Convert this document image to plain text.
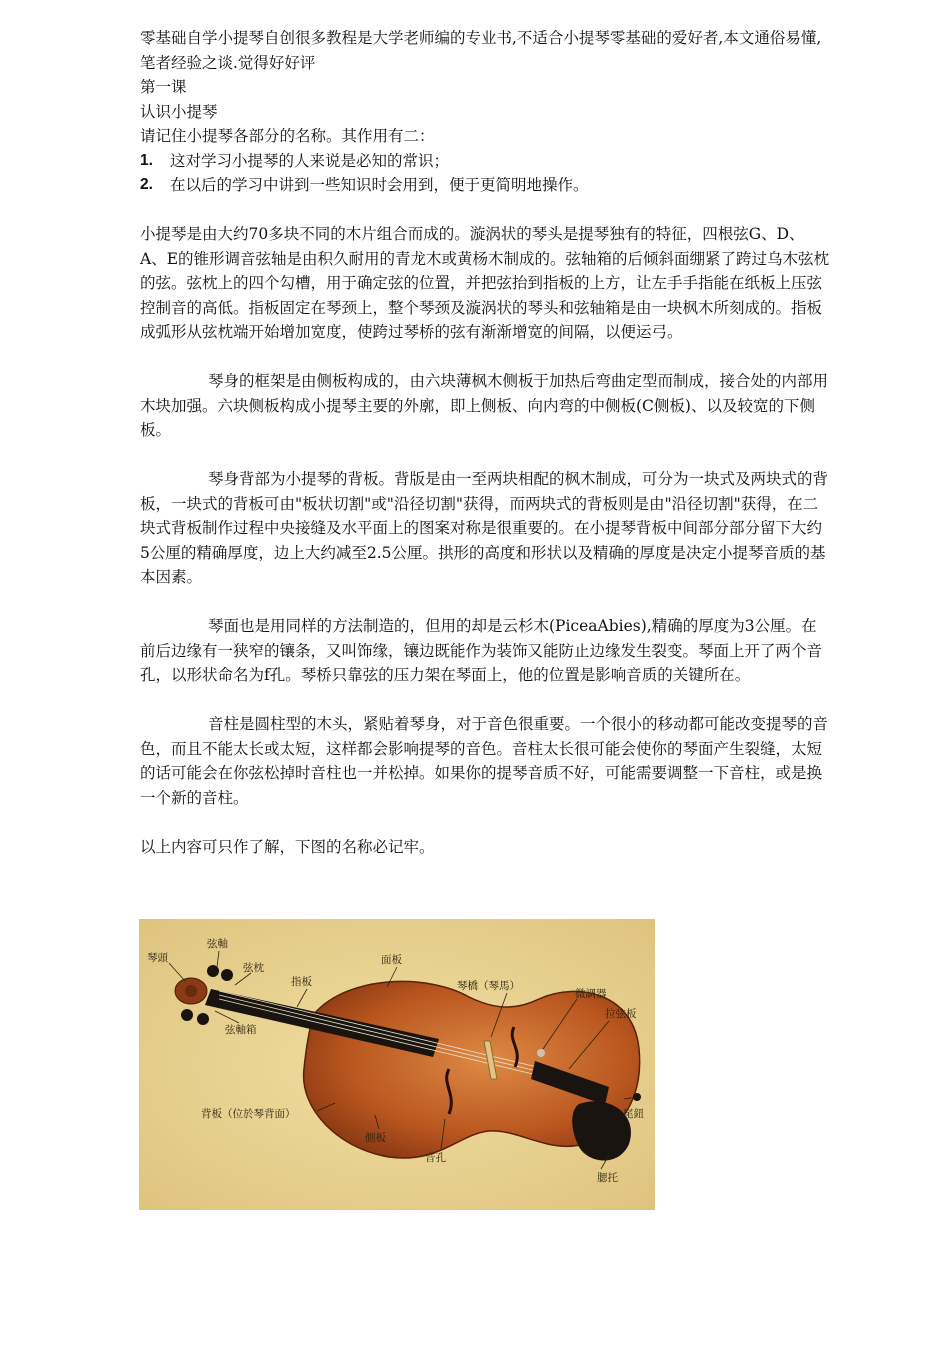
零基础自学小提琴自创很多教程是大学老师编的专业书,不适合小提琴零基础的爱好者,本文通俗易懂,笔者经验之谈.觉得好好评
第一课
认识小提琴
请记住小提琴各部分的名称。其作用有二：
1.	这对学习小提琴的人来说是必知的常识；
2.	在以后的学习中讲到一些知识时会用到，便于更简明地操作。
小提琴是由大约70多块不同的木片组合而成的。漩涡状的琴头是提琴独有的特征，四根弦G、D、A、E的锥形调音弦轴是由积久耐用的青龙木或黄杨木制成的。弦轴箱的后倾斜面绷紧了跨过乌木弦枕的弦。弦枕上的四个勾槽，用于确定弦的位置，并把弦抬到指板的上方，让左手手指能在纸板上压弦控制音的高低。指板固定在琴颈上，整个琴颈及漩涡状的琴头和弦轴箱是由一块枫木所刻成的。指板成弧形从弦枕端开始增加宽度，使跨过琴桥的弦有渐渐增宽的间隔，以便运弓。
琴身的框架是由侧板构成的，由六块薄枫木侧板于加热后弯曲定型而制成，接合处的内部用木块加强。六块侧板构成小提琴主要的外廓，即上侧板、向内弯的中侧板(C侧板)、以及较宽的下侧板。
琴身背部为小提琴的背板。背版是由一至两块相配的枫木制成，可分为一块式及两块式的背板，一块式的背板可由"板状切割"或"沿径切割"获得，而两块式的背板则是由"沿径切割"获得，在二块式背板制作过程中央接缝及水平面上的图案对称是很重要的。在小提琴背板中间部分部分留下大约5公厘的精确厚度，边上大约减至2.5公厘。拱形的高度和形状以及精确的厚度是决定小提琴音质的基本因素。
琴面也是用同样的方法制造的，但用的却是云杉木(PiceaAbies),精确的厚度为3公厘。在前后边缘有一狭窄的镶条，又叫饰缘，镶边既能作为装饰又能防止边缘发生裂变。琴面上开了两个音孔，以形状命名为f孔。琴桥只靠弦的压力架在琴面上，他的位置是影响音质的关键所在。
音柱是圆柱型的木头，紧贴着琴身，对于音色很重要。一个很小的移动都可能改变提琴的音色，而且不能太长或太短，这样都会影响提琴的音色。音柱太长很可能会使你的琴面产生裂缝，太短的话可能会在你弦松掉时音柱也一并松掉。如果你的提琴音质不好，可能需要调整一下音柱，或是换一个新的音柱。
以上内容可只作了解，下图的名称必记牢。
琴頭
弦軸
弦枕
弦軸箱
指板
面板
琴橋（琴馬）
微調器
拉弦板
尾鈕
背板（位於琴背面）
側板
音孔
腮托
